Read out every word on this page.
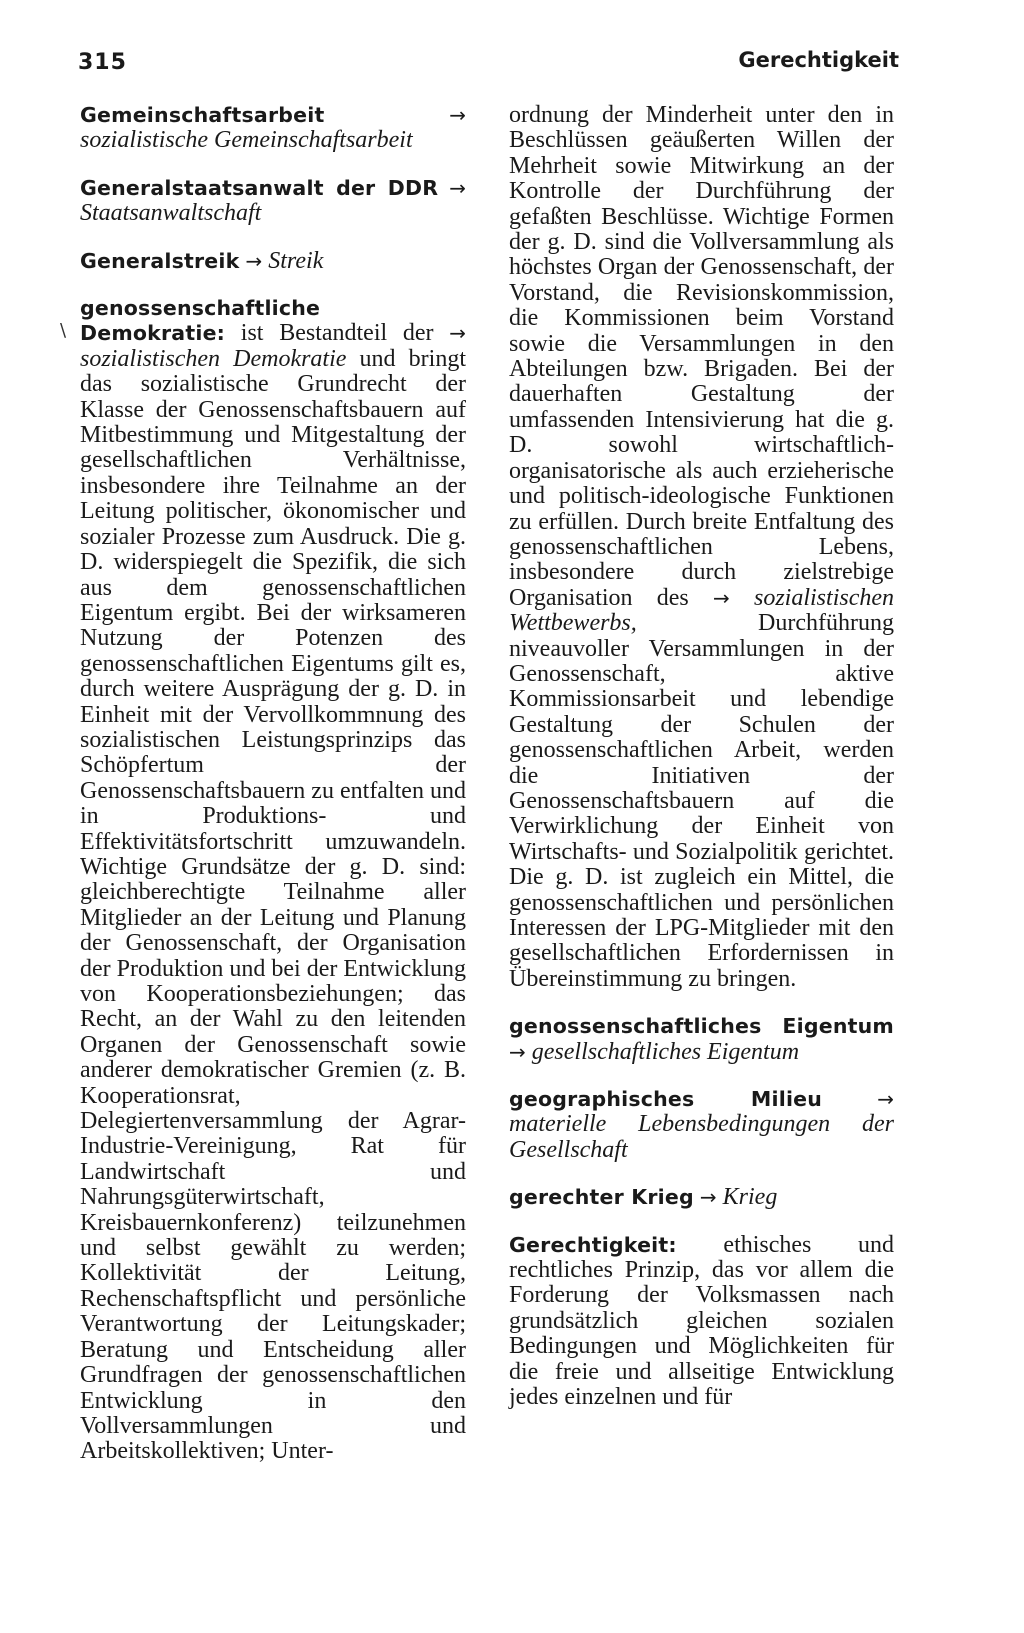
315	Gerechtigkeit
\

Gemeinschaftsarbeit	→ sozialistische Gemeinschaftsarbeit

Generalstaatsanwalt der DDR → Staatsanwaltschaft

Generalstreik → Streik

genossenschaftliche Demokratie: ist Bestandteil der → sozialistischen Demokratie und bringt das sozialistische Grundrecht der Klasse der Genossenschaftsbauern auf Mitbestimmung und Mitgestaltung der gesellschaftlichen Verhältnisse, insbesondere ihre Teilnahme an der Leitung politischer, ökonomischer und sozialer Prozesse zum Ausdruck. Die g. D. widerspiegelt die Spezifik, die sich aus dem genossenschaftlichen Eigentum ergibt. Bei der wirksameren Nutzung der Potenzen des genossenschaftlichen Eigentums gilt es, durch weitere Ausprägung der g. D. in Einheit mit der Vervollkommnung des sozialistischen Leistungsprinzips das Schöpfertum der Genossenschaftsbauern zu entfalten und in Produktions- und Effektivitätsfortschritt umzuwandeln. Wichtige Grundsätze der g. D. sind: gleichberechtigte Teilnahme aller Mitglieder an der Leitung und Planung der Genossenschaft, der Organisation der Produktion und bei der Entwicklung von Kooperationsbeziehungen; das Recht, an der Wahl zu den leitenden Organen der Genossenschaft sowie anderer demokratischer Gremien (z. B. Kooperationsrat, Delegiertenversammlung der Agrar-Industrie-Vereinigung, Rat für Landwirtschaft und Nahrungsgüterwirtschaft, Kreisbauernkonferenz) teilzunehmen und selbst gewählt zu werden; Kollektivität der Leitung, Rechenschaftspflicht und persönliche Verantwortung der Leitungskader; Beratung und Entscheidung aller Grundfragen der genossenschaftlichen Entwicklung in den Vollversammlungen und Arbeitskollektiven; Unter-

ordnung der Minderheit unter den in Beschlüssen geäußerten Willen der Mehrheit sowie Mitwirkung an der Kontrolle der Durchführung der gefaßten Beschlüsse. Wichtige Formen der g. D. sind die Vollversammlung als höchstes Organ der Genossenschaft, der Vorstand, die Revisionskommission, die Kommissionen beim Vorstand sowie die Versammlungen in den Abteilungen bzw. Brigaden. Bei der dauerhaften Gestaltung der umfassenden Intensivierung hat die g. D. sowohl wirtschaftlich-organisatorische als auch erzieherische und politisch-ideologische Funktionen zu erfüllen. Durch breite Entfaltung des genossenschaftlichen Lebens, insbesondere durch zielstrebige Organisation des → sozialistischen Wettbewerbs,	Durchführung niveauvoller Versammlungen in der Genossenschaft, aktive Kommissionsarbeit und lebendige Gestaltung der Schulen der genossenschaftlichen Arbeit, werden die Initiativen der Genossenschaftsbauern auf die Verwirklichung der Einheit von Wirtschafts- und Sozialpolitik gerichtet. Die g. D. ist zugleich ein Mittel, die genossenschaftlichen und persönlichen Interessen der LPG-Mitglieder mit den gesellschaftlichen Erfordernissen in Übereinstimmung zu bringen.

genossenschaftliches Eigentum → gesellschaftliches Eigentum

geographisches Milieu	→ materielle Lebensbedingungen der Gesellschaft

gerechter Krieg → Krieg

Gerechtigkeit: ethisches und rechtliches Prinzip, das vor allem die Forderung der Volksmassen nach grundsätzlich gleichen sozialen Bedingungen und Möglichkeiten für die freie und allseitige Entwicklung jedes einzelnen und für
